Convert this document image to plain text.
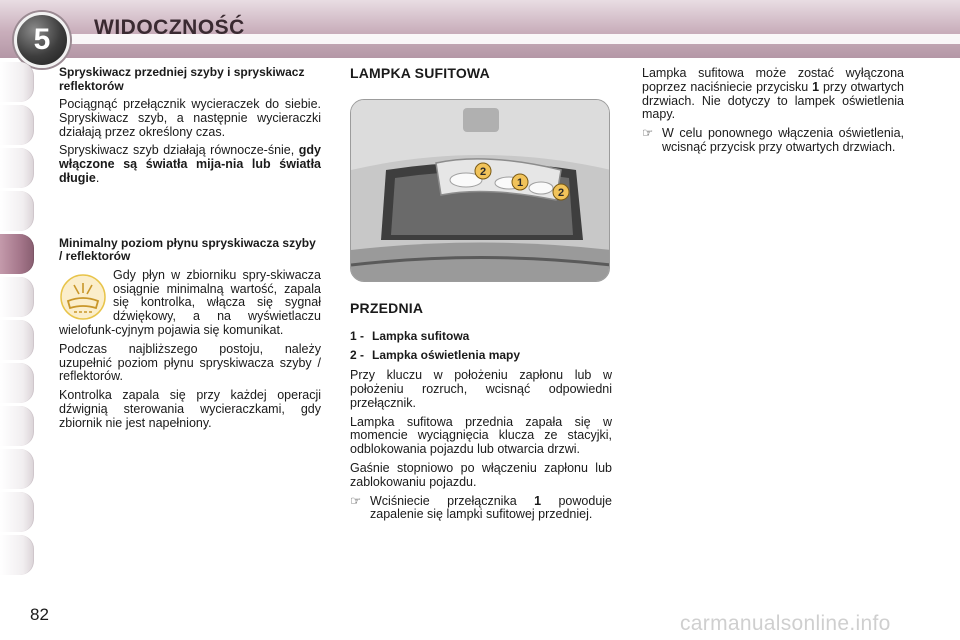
5	WIDOCZNOŚĆ
Spryskiwacz przedniej szyby i spryskiwacz reflektorów

Pociągnąć przełącznik wycieraczek do siebie. Spryskiwacz szyb, a następnie wycieraczki działają przez określony czas.

Spryskiwacz szyb działają równocze-śnie, gdy włączone są światła mija-nia lub światła długie.

Minimalny poziom płynu spryskiwacza szyby / reflektorów

Gdy płyn w zbiorniku spry-skiwacza osiągnie minimalną wartość, zapala się kontrolka, włącza się sygnał dźwiękowy, a na wyświetlaczu wielofunk-cyjnym pojawia się komunikat.

Podczas najbliższego postoju, należy uzupełnić poziom płynu spryskiwacza szyby / reflektorów.

Kontrolka zapala się przy każdej operacji dźwignią sterowania wycieraczkami, gdy zbiornik nie jest napełniony.

LAMPKA SUFITOWA
2
1
2
PRZEDNIA
1 - Lampka sufitowa
2 - Lampka oświetlenia mapy

Przy kluczu w położeniu zapłonu lub w położeniu rozruch, wcisnąć odpowiedni przełącznik.

Lampka sufitowa przednia zapała się w momencie wyciągnięcia klucza ze stacyjki, odblokowania pojazdu lub otwarcia drzwi.

Gaśnie stopniowo po włączeniu zapłonu lub zablokowaniu pojazdu.

☞ Wciśniecie przełącznika 1 powoduje zapalenie się lampki sufitowej przedniej.

Lampka sufitowa może zostać wyłączona poprzez naciśniecie przycisku 1 przy otwartych drzwiach. Nie dotyczy to lampek oświetlenia mapy.

☞ W celu ponownego włączenia oświetlenia, wcisnąć przycisk przy otwartych drzwiach.

82	carmanualsonline.info
